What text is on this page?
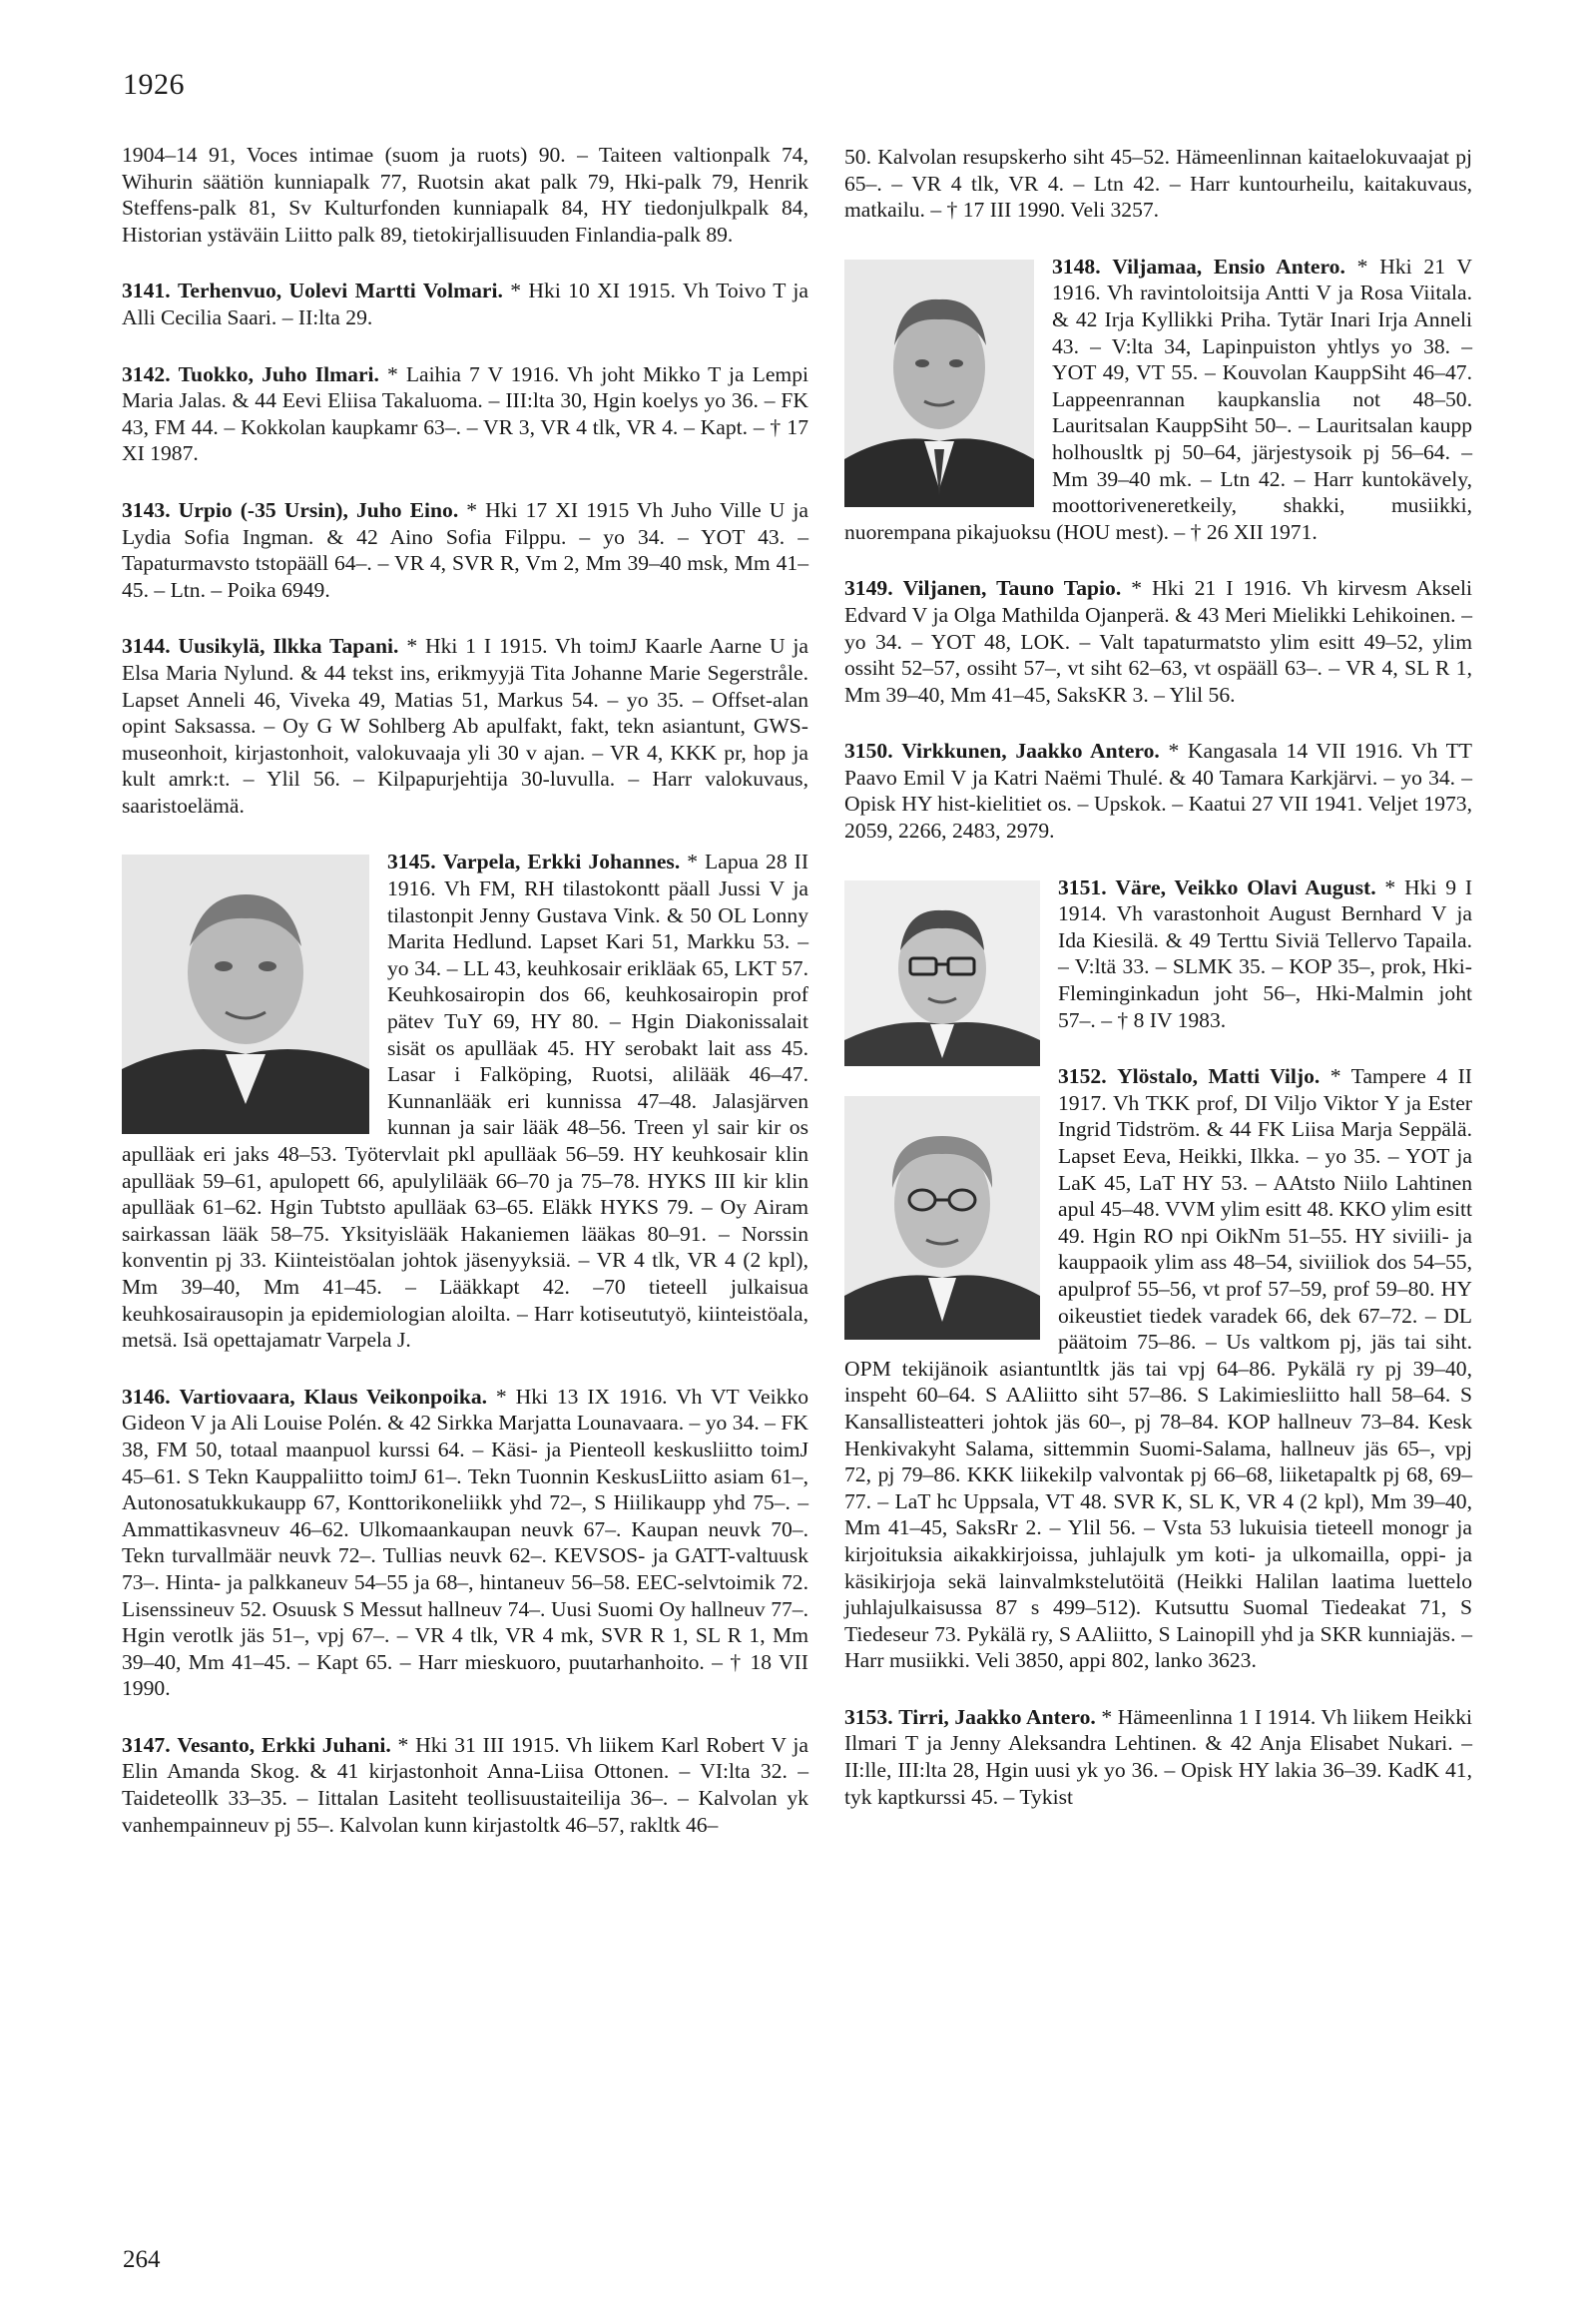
1926

1904–14 91, Voces intimae (suom ja ruots) 90. – Taiteen valtionpalk 74, Wihurin säätiön kunniapalk 77, Ruotsin akat palk 79, Hki-palk 79, Henrik Steffens-palk 81, Sv Kulturfonden kunniapalk 84, HY tiedonjulkpalk 84, Historian ystäväin Liitto palk 89, tietokirjallisuuden Finlandia-palk 89.

3141. Terhenvuo, Uolevi Martti Volmari. * Hki 10 XI 1915. Vh Toivo T ja Alli Cecilia Saari. – II:lta 29.

3142. Tuokko, Juho Ilmari. * Laihia 7 V 1916. Vh joht Mikko T ja Lempi Maria Jalas. & 44 Eevi Eliisa Takaluoma. – III:lta 30, Hgin koelys yo 36. – FK 43, FM 44. – Kokkolan kaupkamr 63–. – VR 3, VR 4 tlk, VR 4. – Kapt. – † 17 XI 1987.

3143. Urpio (-35 Ursin), Juho Eino. * Hki 17 XI 1915 Vh Juho Ville U ja Lydia Sofia Ingman. & 42 Aino Sofia Filppu. – yo 34. – YOT 43. – Tapaturmavsto tstopääll 64–. – VR 4, SVR R, Vm 2, Mm 39–40 msk, Mm 41–45. – Ltn. – Poika 6949.

3144. Uusikylä, Ilkka Tapani. * Hki 1 I 1915. Vh toimJ Kaarle Aarne U ja Elsa Maria Nylund. & 44 tekst ins, erikmyyjä Tita Johanne Marie Segerstråle. Lapset Anneli 46, Viveka 49, Matias 51, Markus 54. – yo 35. – Offset-alan opint Saksassa. – Oy G W Sohlberg Ab apulfakt, fakt, tekn asiantunt, GWS-museonhoit, kirjastonhoit, valokuvaaja yli 30 v ajan. – VR 4, KKK pr, hop ja kult amrk:t. – Ylil 56. – Kilpapurjehtija 30-luvulla. – Harr valokuvaus, saaristoelämä.

3145. Varpela, Erkki Johannes. * Lapua 28 II 1916. Vh FM, RH tilastokontt päall Jussi V ja tilastonpit Jenny Gustava Vink. & 50 OL Lonny Marita Hedlund. Lapset Kari 51, Markku 53. – yo 34. – LL 43, keuhkosair erikläak 65, LKT 57. Keuhkosairopin dos 66, keuhkosairopin prof pätev TuY 69, HY 80. – Hgin Diakonissalait sisät os apulläak 45. HY serobakt lait ass 45. Lasar i Falköping, Ruotsi, alilääk 46–47. Kunnanlääk eri kunnissa 47–48. Jalasjärven kunnan ja sair lääk 48–56. Treen yl sair kir os apulläak eri jaks 48–53. Työtervlait pkl apulläak 56–59. HY keuhkosair klin apulläak 59–61, apulopett 66, apulylilääk 66–70 ja 75–78. HYKS III kir klin apulläak 61–62. Hgin Tubtsto apulläak 63–65. Eläkk HYKS 79. – Oy Airam sairkassan lääk 58–75. Yksityislääk Hakaniemen lääkas 80–91. – Norssin konventin pj 33. Kiinteistöalan johtok jäsenyyksiä. – VR 4 tlk, VR 4 (2 kpl), Mm 39–40, Mm 41–45. – Lääkkapt 42. –70 tieteell julkaisua keuhkosairausopin ja epidemiologian aloilta. – Harr kotiseututyö, kiinteistöala, metsä. Isä opettajamatr Varpela J.

3146. Vartiovaara, Klaus Veikonpoika. * Hki 13 IX 1916. Vh VT Veikko Gideon V ja Ali Louise Polén. & 42 Sirkka Marjatta Lounavaara. – yo 34. – FK 38, FM 50, totaal maanpuol kurssi 64. – Käsi- ja Pienteoll keskusliitto toimJ 45–61. S Tekn Kauppaliitto toimJ 61–. Tekn Tuonnin KeskusLiitto asiam 61–, Autonosatukkukaupp 67, Konttorikoneliikk yhd 72–, S Hiilikaupp yhd 75–. – Ammattikasvneuv 46–62. Ulkomaankaupan neuvk 67–. Kaupan neuvk 70–. Tekn turvallmäär neuvk 72–. Tullias neuvk 62–. KEVSOS- ja GATT-valtuusk 73–. Hinta- ja palkkaneuv 54–55 ja 68–, hintaneuv 56–58. EEC-selvtoimik 72. Lisenssineuv 52. Osuusk S Messut hallneuv 74–. Uusi Suomi Oy hallneuv 77–. Hgin verotlk jäs 51–, vpj 67–. – VR 4 tlk, VR 4 mk, SVR R 1, SL R 1, Mm 39–40, Mm 41–45. – Kapt 65. – Harr mieskuoro, puutarhanhoito. – † 18 VII 1990.

3147. Vesanto, Erkki Juhani. * Hki 31 III 1915. Vh liikem Karl Robert V ja Elin Amanda Skog. & 41 kirjastonhoit Anna-Liisa Ottonen. – VI:lta 32. – Taideteollk 33–35. – Iittalan Lasiteht teollisuustaiteilija 36–. – Kalvolan yk vanhempainneuv pj 55–. Kalvolan kunn kirjastoltk 46–57, rakltk 46–

50. Kalvolan resupskerho siht 45–52. Hämeenlinnan kaitaelokuvaajat pj 65–. – VR 4 tlk, VR 4. – Ltn 42. – Harr kuntourheilu, kaitakuvaus, matkailu. – † 17 III 1990. Veli 3257.

3148. Viljamaa, Ensio Antero. * Hki 21 V 1916. Vh ravintoloitsija Antti V ja Rosa Viitala. & 42 Irja Kyllikki Priha. Tytär Inari Irja Anneli 43. – V:lta 34, Lapinpuiston yhtlys yo 38. – YOT 49, VT 55. – Kouvolan KauppSiht 46–47. Lappeenrannan kaupkanslia not 48–50. Lauritsalan KauppSiht 50–. – Lauritsalan kaupp holhousltk pj 50–64, järjestysoik pj 56–64. – Mm 39–40 mk. – Ltn 42. – Harr kuntokävely, moottoriveneretkeily, shakki, musiikki, nuorempana pikajuoksu (HOU mest). – † 26 XII 1971.

3149. Viljanen, Tauno Tapio. * Hki 21 I 1916. Vh kirvesm Akseli Edvard V ja Olga Mathilda Ojanperä. & 43 Meri Mielikki Lehikoinen. – yo 34. – YOT 48, LOK. – Valt tapaturmatsto ylim esitt 49–52, ylim ossiht 52–57, ossiht 57–, vt siht 62–63, vt ospääll 63–. – VR 4, SL R 1, Mm 39–40, Mm 41–45, SaksKR 3. – Ylil 56.

3150. Virkkunen, Jaakko Antero. * Kangasala 14 VII 1916. Vh TT Paavo Emil V ja Katri Naëmi Thulé. & 40 Tamara Karkjärvi. – yo 34. – Opisk HY hist-kielitiet os. – Upskok. – Kaatui 27 VII 1941. Veljet 1973, 2059, 2266, 2483, 2979.

3151. Väre, Veikko Olavi August. * Hki 9 I 1914. Vh varastonhoit August Bernhard V ja Ida Kiesilä. & 49 Terttu Siviä Tellervo Tapaila. – V:ltä 33. – SLMK 35. – KOP 35–, prok, Hki-Fleminginkadun joht 56–, Hki-Malmin joht 57–. – † 8 IV 1983.

3152. Ylöstalo, Matti Viljo. * Tampere 4 II 1917. Vh TKK prof, DI Viljo Viktor Y ja Ester Ingrid Tidström. & 44 FK Liisa Marja Seppälä. Lapset Eeva, Heikki, Ilkka. – yo 35. – YOT ja LaK 45, LaT HY 53. – AAtsto Niilo Lahtinen apul 45–48. VVM ylim esitt 48. KKO ylim esitt 49. Hgin RO npi OikNm 51–55. HY siviili- ja kauppaoik ylim ass 48–54, siviiliok dos 54–55, apulprof 55–56, vt prof 57–59, prof 59–80. HY oikeustiet tiedek varadek 66, dek 67–72. – DL päätoim 75–86. – Us valtkom pj, jäs tai siht. OPM tekijänoik asiantuntltk jäs tai vpj 64–86. Pykälä ry pj 39–40, inspeht 60–64. S AAliitto siht 57–86. S Lakimiesliitto hall 58–64. S Kansallisteatteri johtok jäs 60–, pj 78–84. KOP hallneuv 73–84. Kesk Henkivakyht Salama, sittemmin Suomi-Salama, hallneuv jäs 65–, vpj 72, pj 79–86. KKK liikekilp valvontak pj 66–68, liiketapaltk pj 68, 69–77. – LaT hc Uppsala, VT 48. SVR K, SL K, VR 4 (2 kpl), Mm 39–40, Mm 41–45, SaksRr 2. – Ylil 56. – Vsta 53 lukuisia tieteell monogr ja kirjoituksia aikakkirjoissa, juhlajulk ym koti- ja ulkomailla, oppi- ja käsikirjoja sekä lainvalmkstelutöitä (Heikki Halilan laatima luettelo juhlajulkaisussa 87 s 499–512). Kutsuttu Suomal Tiedeakat 71, S Tiedeseur 73. Pykälä ry, S AAliitto, S Lainopill yhd ja SKR kunniajäs. – Harr musiikki. Veli 3850, appi 802, lanko 3623.

3153. Tirri, Jaakko Antero. * Hämeenlinna 1 I 1914. Vh liikem Heikki Ilmari T ja Jenny Aleksandra Lehtinen. & 42 Anja Elisabet Nukari. – II:lle, III:lta 28, Hgin uusi yk yo 36. – Opisk HY lakia 36–39. KadK 41, tyk kaptkurssi 45. – Tykist

264
